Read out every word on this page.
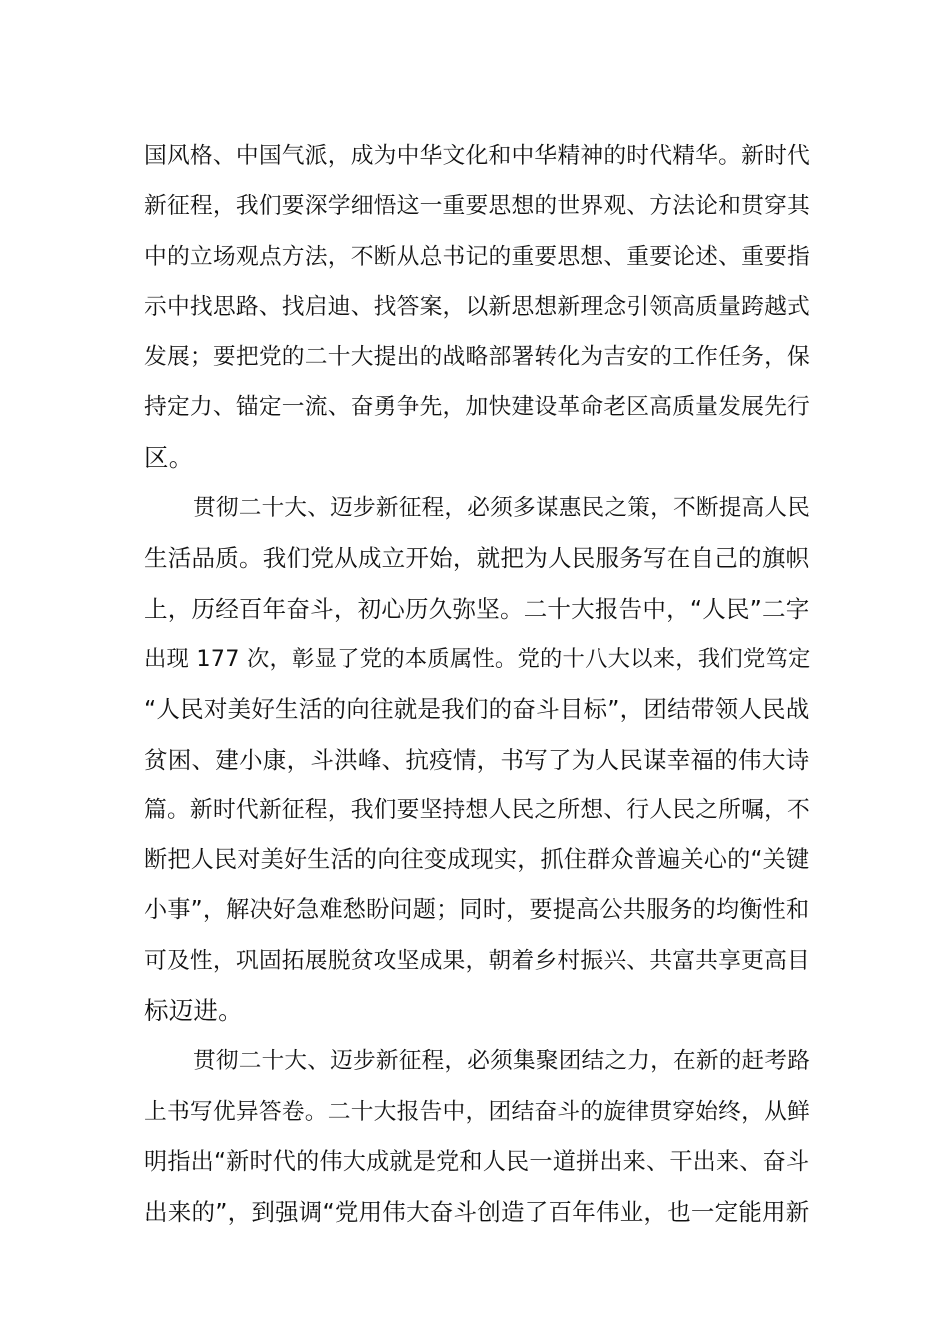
国风格、中国气派，成为中华文化和中华精神的时代精华。新时代
新征程，我们要深学细悟这一重要思想的世界观、方法论和贯穿其
中的立场观点方法，不断从总书记的重要思想、重要论述、重要指
示中找思路、找启迪、找答案，以新思想新理念引领高质量跨越式
发展；要把党的二十大提出的战略部署转化为吉安的工作任务，保
持定力、锚定一流、奋勇争先，加快建设革命老区高质量发展先行
区。
贯彻二十大、迈步新征程，必须多谋惠民之策，不断提高人民
生活品质。我们党从成立开始，就把为人民服务写在自己的旗帜
上，历经百年奋斗，初心历久弥坚。二十大报告中，“人民”二字
出现 177 次，彰显了党的本质属性。党的十八大以来，我们党笃定
“人民对美好生活的向往就是我们的奋斗目标”，团结带领人民战
贫困、建小康，斗洪峰、抗疫情，书写了为人民谋幸福的伟大诗
篇。新时代新征程，我们要坚持想人民之所想、行人民之所嘱，不
断把人民对美好生活的向往变成现实，抓住群众普遍关心的“关键
小事”，解决好急难愁盼问题；同时，要提高公共服务的均衡性和
可及性，巩固拓展脱贫攻坚成果，朝着乡村振兴、共富共享更高目
标迈进。
贯彻二十大、迈步新征程，必须集聚团结之力，在新的赶考路
上书写优异答卷。二十大报告中，团结奋斗的旋律贯穿始终，从鲜
明指出“新时代的伟大成就是党和人民一道拼出来、干出来、奋斗
出来的”，到强调“党用伟大奋斗创造了百年伟业，也一定能用新
